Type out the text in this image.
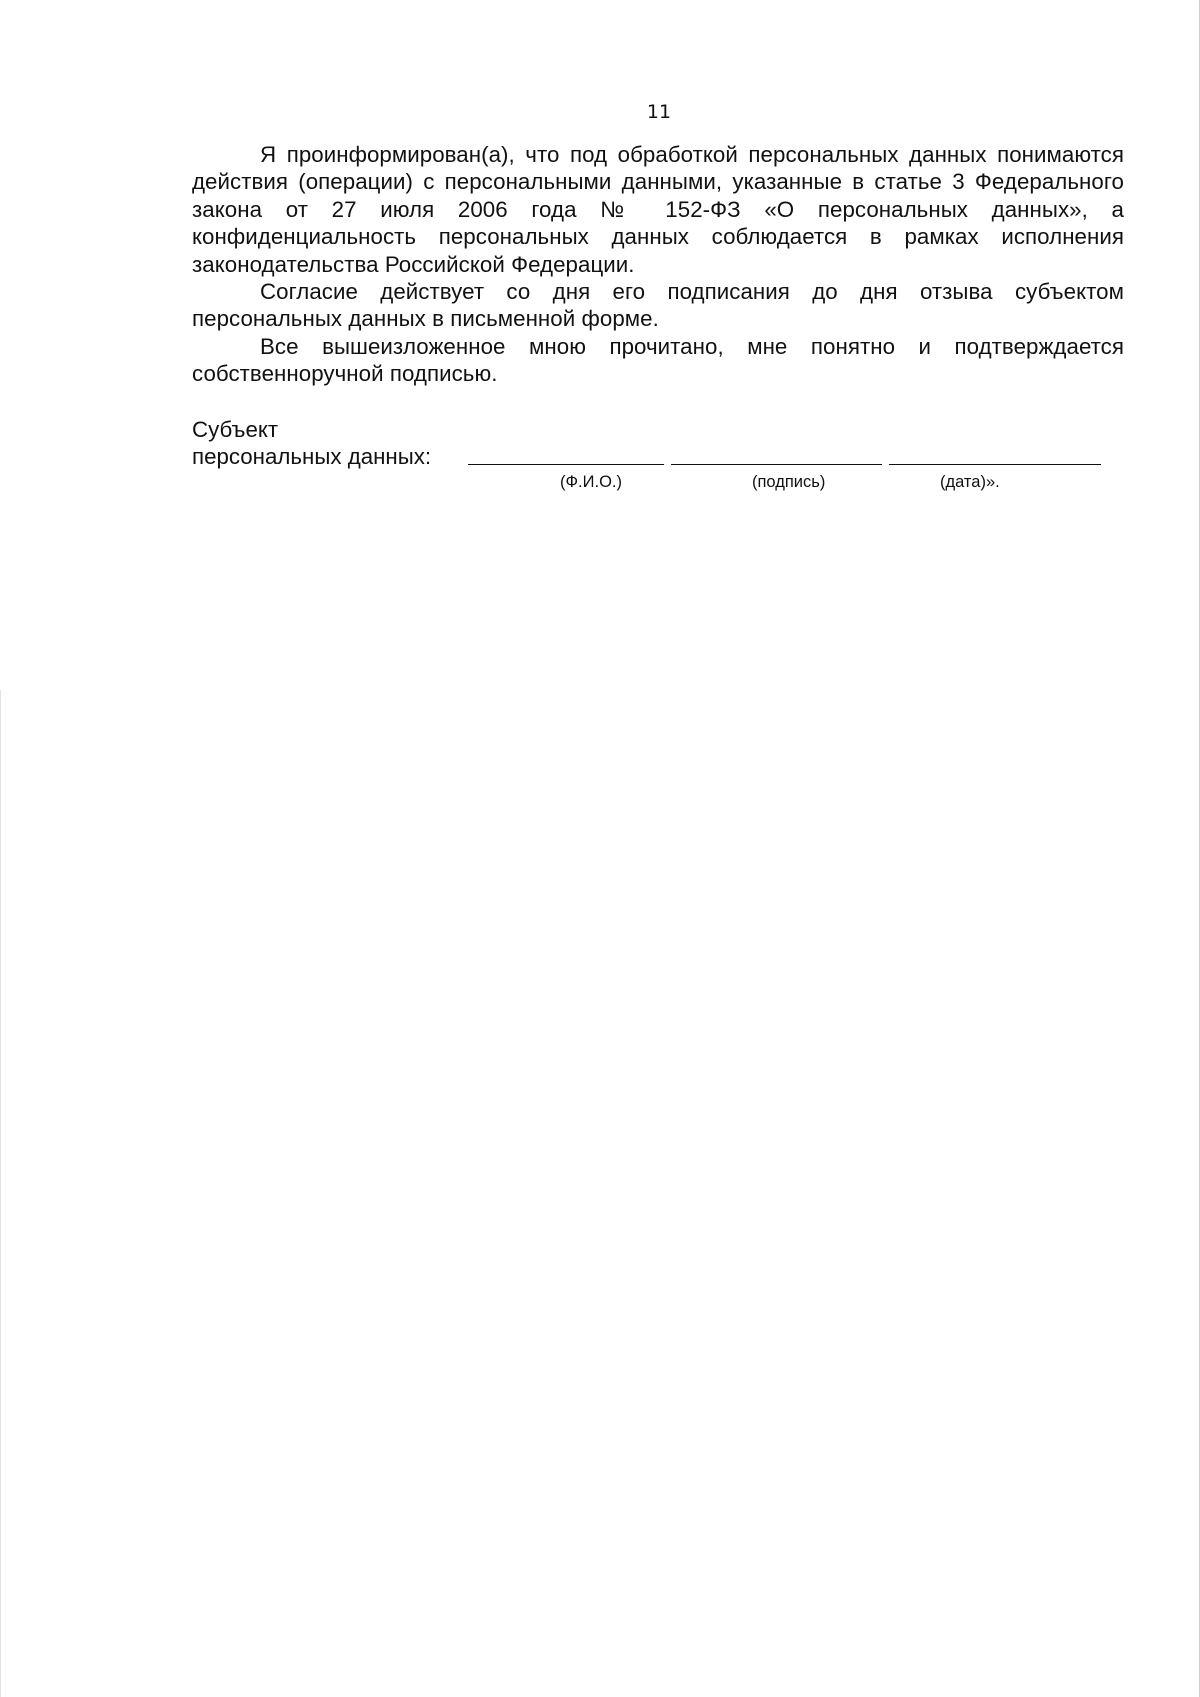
11

Я проинформирован(а), что под обработкой персональных данных понимаются действия (операции) с персональными данными, указанные в статье 3 Федерального закона от 27 июля 2006 года № 152-ФЗ «О персональных данных», а конфиденциальность персональных данных соблюдается в рамках исполнения законодательства Российской Федерации.

Согласие действует со дня его подписания до дня отзыва субъектом персональных данных в письменной форме.

Все вышеизложенное мною прочитано, мне понятно и подтверждается собственноручной подписью.

Субъект
персональных данных:
(Ф.И.О.)	(подпись)	(дата)».
